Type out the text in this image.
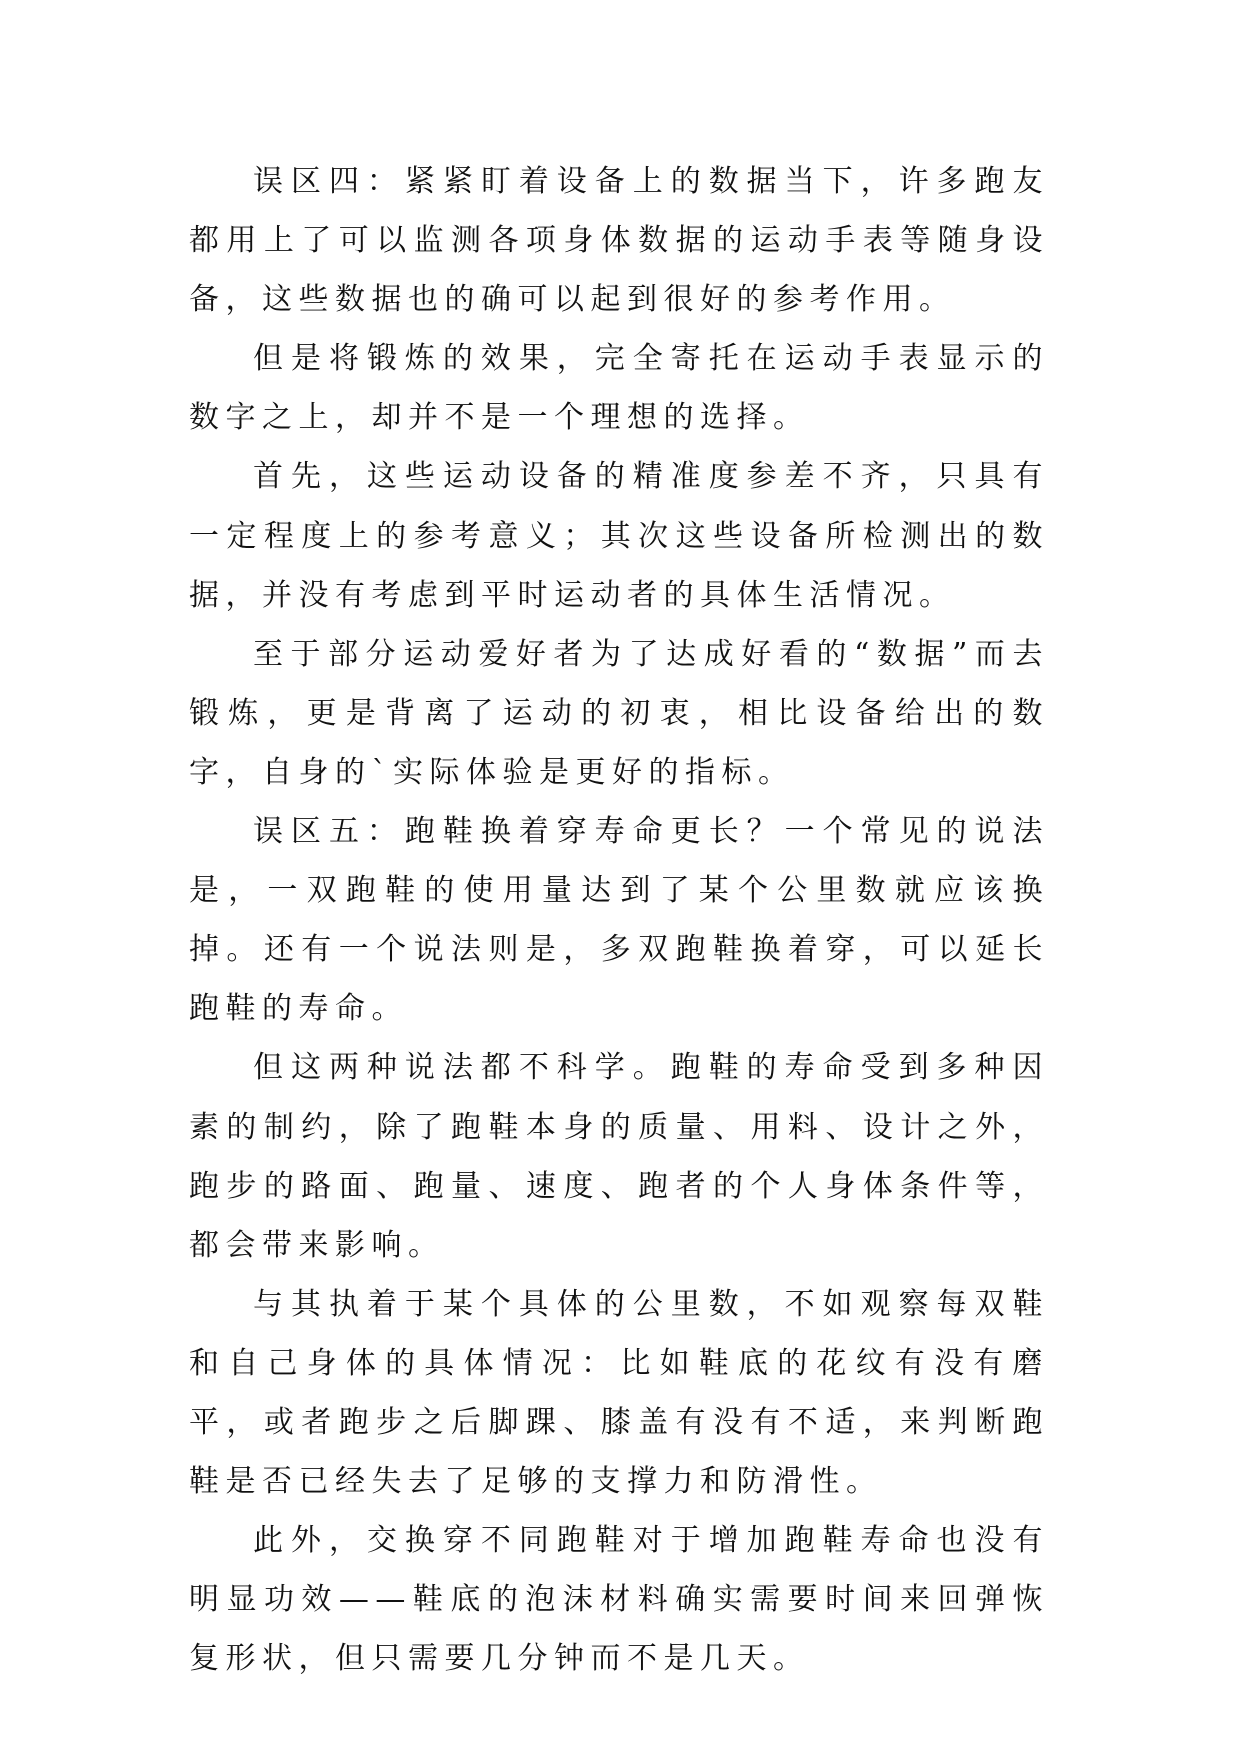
误区四：紧紧盯着设备上的数据当下，许多跑友都用上了可以监测各项身体数据的运动手表等随身设备，这些数据也的确可以起到很好的参考作用。

但是将锻炼的效果，完全寄托在运动手表显示的数字之上，却并不是一个理想的选择。

首先，这些运动设备的精准度参差不齐，只具有一定程度上的参考意义；其次这些设备所检测出的数据，并没有考虑到平时运动者的具体生活情况。

至于部分运动爱好者为了达成好看的“数据”而去锻炼，更是背离了运动的初衷，相比设备给出的数字，自身的`实际体验是更好的指标。

误区五：跑鞋换着穿寿命更长？一个常见的说法是，一双跑鞋的使用量达到了某个公里数就应该换掉。还有一个说法则是，多双跑鞋换着穿，可以延长跑鞋的寿命。

但这两种说法都不科学。跑鞋的寿命受到多种因素的制约，除了跑鞋本身的质量、用料、设计之外，跑步的路面、跑量、速度、跑者的个人身体条件等，都会带来影响。

与其执着于某个具体的公里数，不如观察每双鞋和自己身体的具体情况：比如鞋底的花纹有没有磨平，或者跑步之后脚踝、膝盖有没有不适，来判断跑鞋是否已经失去了足够的支撑力和防滑性。

此外，交换穿不同跑鞋对于增加跑鞋寿命也没有明显功效——鞋底的泡沫材料确实需要时间来回弹恢复形状，但只需要几分钟而不是几天。
